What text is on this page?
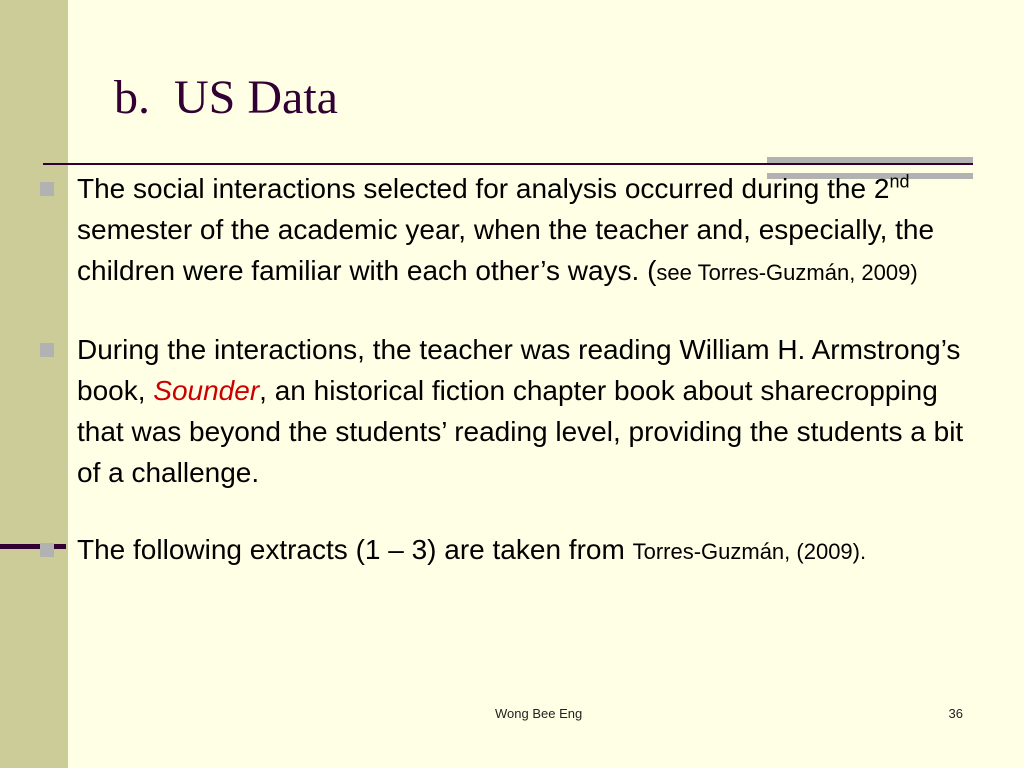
b.  US Data
The social interactions selected for analysis occurred during the 2nd semester of the academic year, when the teacher and, especially, the children were familiar with each other’s ways. (see Torres-Guzmán, 2009)
During the interactions, the teacher was reading William H. Armstrong’s book, Sounder, an historical fiction chapter book about sharecropping that was beyond the students’ reading level, providing the students a bit of a challenge.
The following extracts (1 – 3) are taken from Torres-Guzmán, (2009).
Wong Bee Eng	36
